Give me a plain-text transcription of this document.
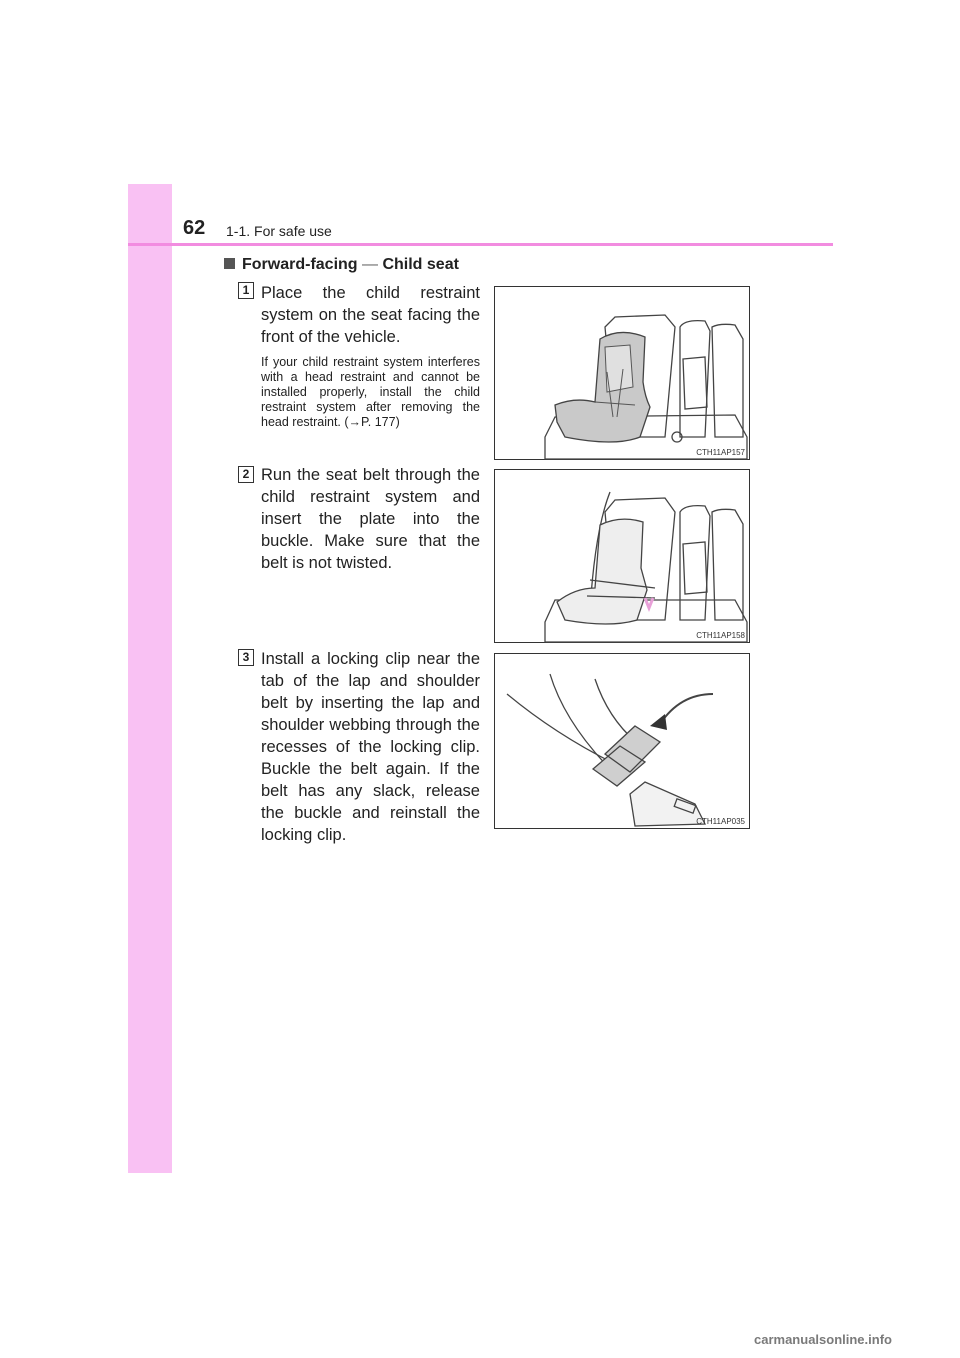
62 1-1. For safe use
Forward-facing — Child seat
1 Place the child restraint system on the seat facing the front of the vehicle.
If your child restraint system interferes with a head restraint and cannot be installed properly, install the child restraint system after removing the head restraint. (→P. 177)
CTH11AP157
2 Run the seat belt through the child restraint system and insert the plate into the buckle. Make sure that the belt is not twisted.
CTH11AP158
3 Install a locking clip near the tab of the lap and shoulder belt by inserting the lap and shoulder webbing through the recesses of the locking clip. Buckle the belt again. If the belt has any slack, release the buckle and reinstall the locking clip.
CTH11AP035
carmanualsonline.info
